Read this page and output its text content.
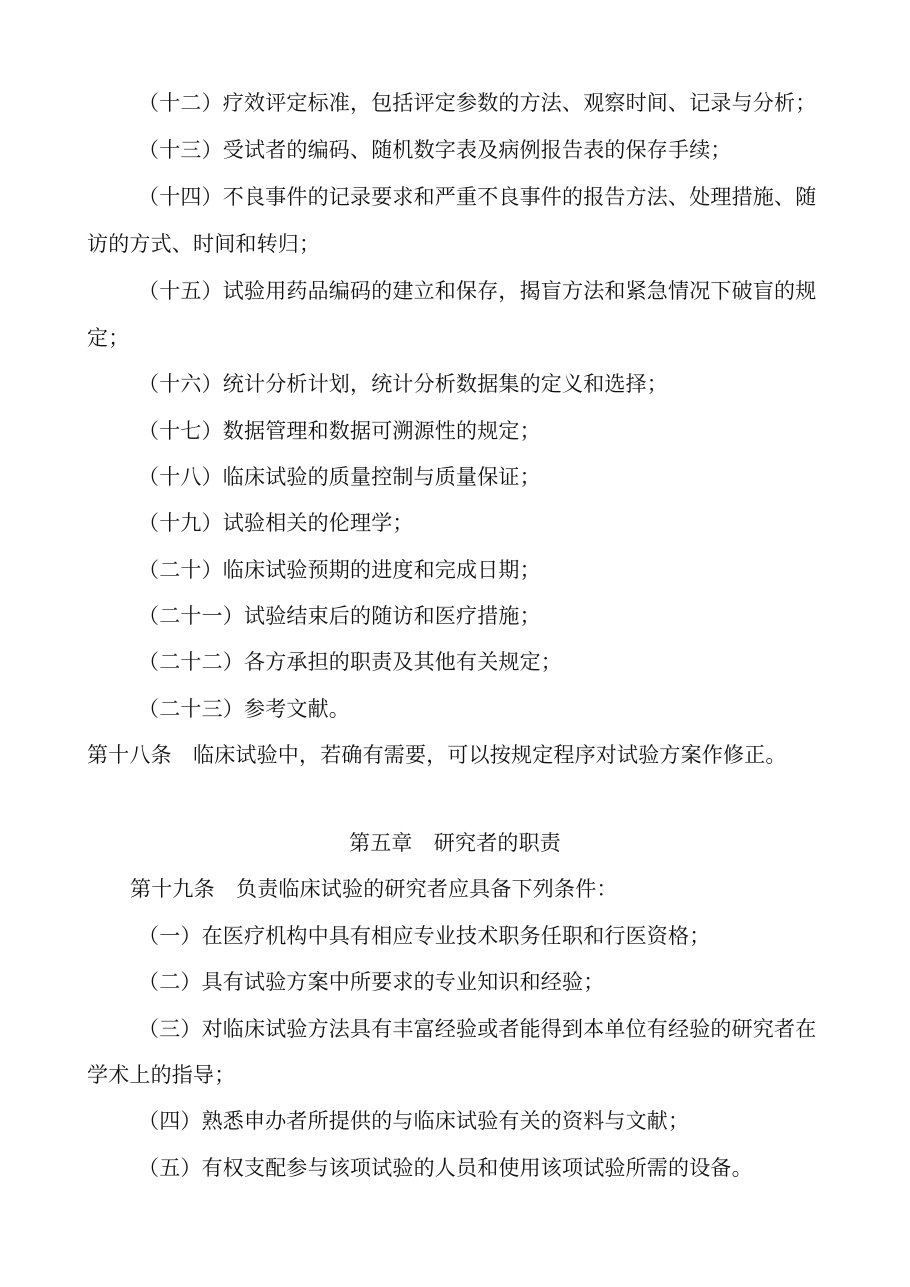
（十二）疗效评定标准，包括评定参数的方法、观察时间、记录与分析；
（十三）受试者的编码、随机数字表及病例报告表的保存手续；
（十四）不良事件的记录要求和严重不良事件的报告方法、处理措施、随
访的方式、时间和转归；
（十五）试验用药品编码的建立和保存，揭盲方法和紧急情况下破盲的规
定；
（十六）统计分析计划，统计分析数据集的定义和选择；
（十七）数据管理和数据可溯源性的规定；
（十八）临床试验的质量控制与质量保证；
（十九）试验相关的伦理学；
（二十）临床试验预期的进度和完成日期；
（二十一）试验结束后的随访和医疗措施；
（二十二）各方承担的职责及其他有关规定；
（二十三）参考文献。
第十八条　临床试验中，若确有需要，可以按规定程序对试验方案作修正。
第五章　研究者的职责
第十九条　负责临床试验的研究者应具备下列条件：
（一）在医疗机构中具有相应专业技术职务任职和行医资格；
（二）具有试验方案中所要求的专业知识和经验；
（三）对临床试验方法具有丰富经验或者能得到本单位有经验的研究者在
学术上的指导；
（四）熟悉申办者所提供的与临床试验有关的资料与文献；
（五）有权支配参与该项试验的人员和使用该项试验所需的设备。
